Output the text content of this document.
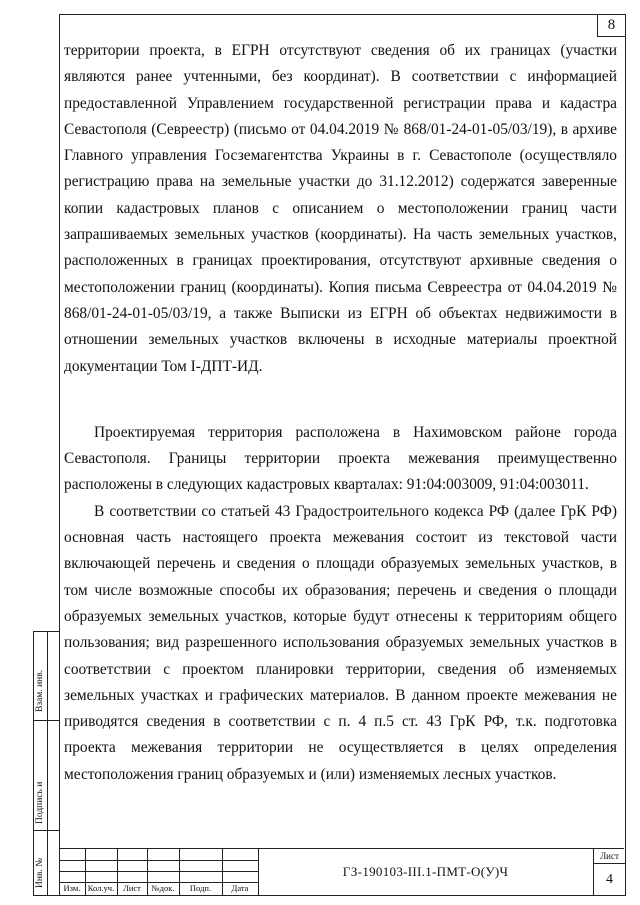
8

территории проекта, в ЕГРН отсутствуют сведения об их границах (участки являются ранее учтенными, без координат). В соответствии с информацией предоставленной Управлением государственной регистрации права и кадастра Севастополя (Севреестр) (письмо от 04.04.2019 № 868/01-24-01-05/03/19), в архиве Главного управления Госземагентства Украины в г. Севастополе (осуществляло регистрацию права на земельные участки до 31.12.2012) содержатся заверенные копии кадастровых планов с описанием о местоположении границ части запрашиваемых земельных участков (координаты). На часть земельных участков, расположенных в границах проектирования, отсутствуют архивные сведения о местоположении границ (координаты). Копия письма Севреестра от 04.04.2019 № 868/01-24-01-05/03/19, а также Выписки из ЕГРН об объектах недвижимости в отношении земельных участков включены в исходные материалы проектной документации Том I-ДПТ-ИД.

Проектируемая территория расположена в Нахимовском районе города Севастополя. Границы территории проекта межевания преимущественно расположены в следующих кадастровых кварталах: 91:04:003009, 91:04:003011.

В соответствии со статьей 43 Градостроительного кодекса РФ (далее ГрК РФ) основная часть настоящего проекта межевания состоит из текстовой части включающей перечень и сведения о площади образуемых земельных участков, в том числе возможные способы их образования; перечень и сведения о площади образуемых земельных участков, которые будут отнесены к территориям общего пользования; вид разрешенного использования образуемых земельных участков в соответствии с проектом планировки территории, сведения об изменяемых земельных участках и графических материалов. В данном проекте межевания не приводятся сведения в соответствии с п. 4 п.5 ст. 43 ГрК РФ, т.к. подготовка проекта межевания территории не осуществляется в целях определения местоположения границ образуемых и (или) изменяемых лесных участков.

Взам. инв.
Подпись и
Инв. №	Изм. Кол.уч.	Лист	№док.	Подп.	Дата
ГЗ-190103-III.1-ПМТ-О(У)Ч
Лист
4
